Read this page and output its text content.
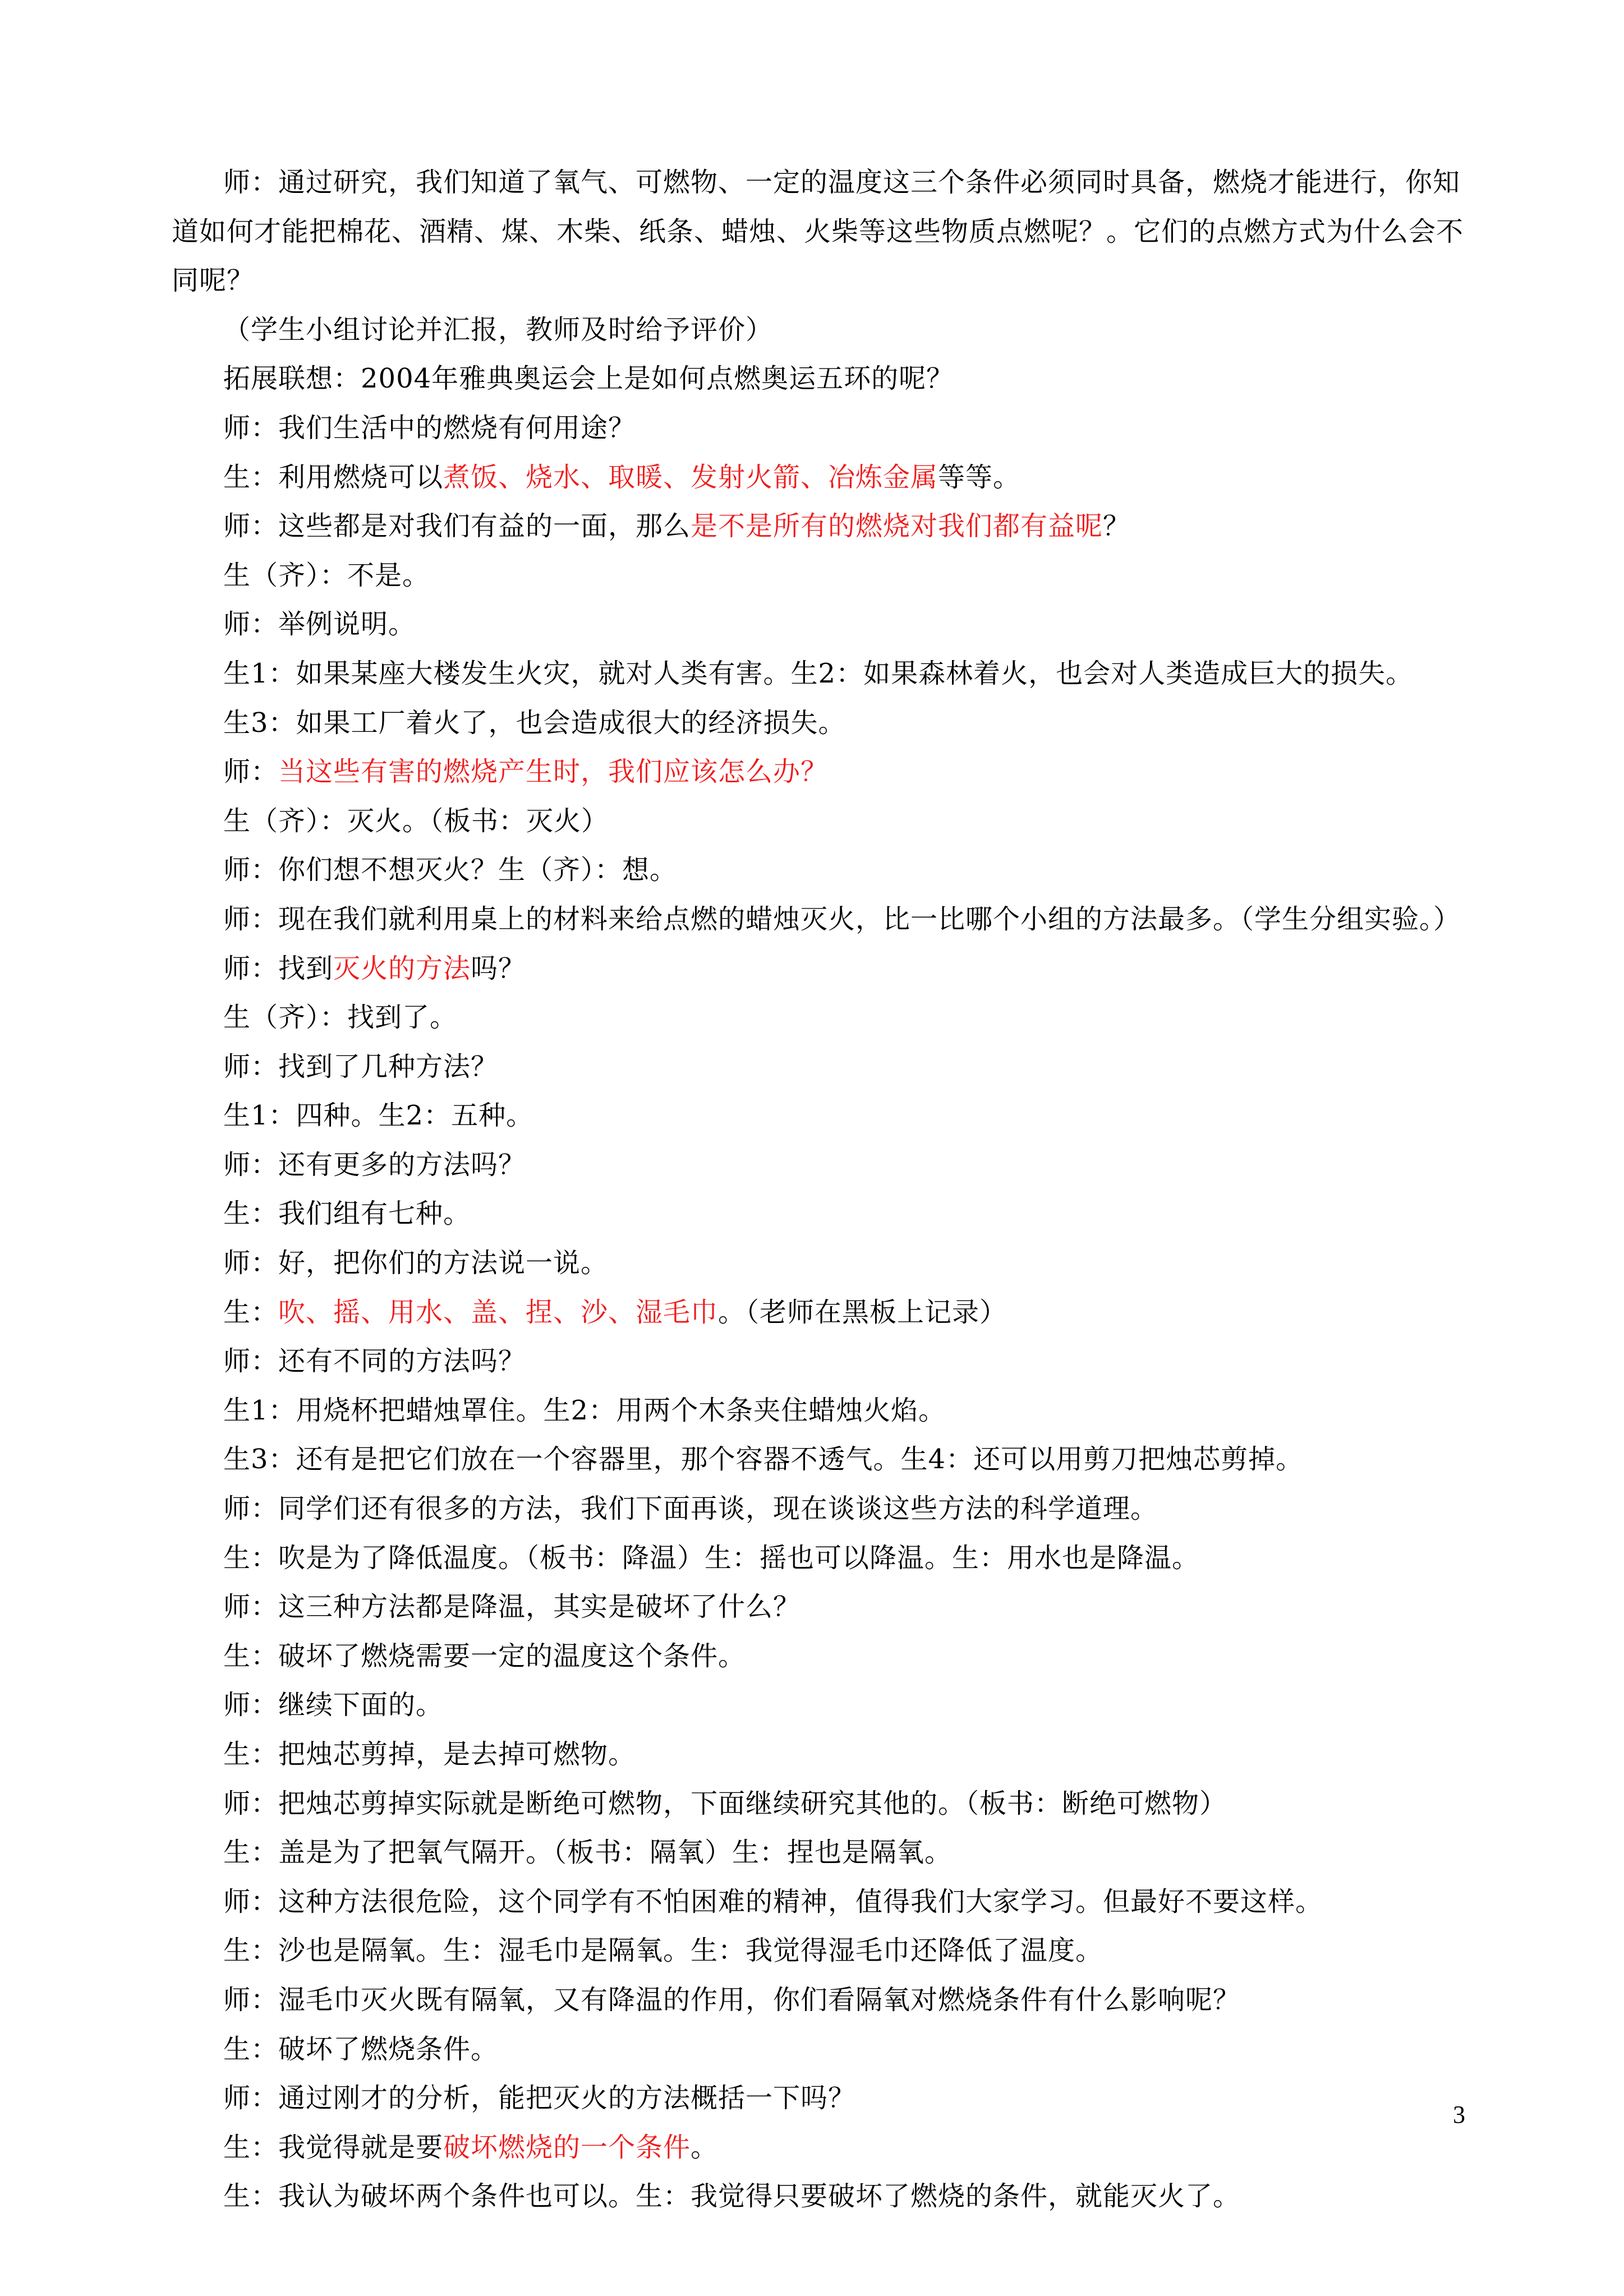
师：通过研究，我们知道了氧气、可燃物、一定的温度这三个条件必须同时具备，燃烧才能进行，你知道如何才能把棉花、酒精、煤、木柴、纸条、蜡烛、火柴等这些物质点燃呢？。它们的点燃方式为什么会不同呢？

（学生小组讨论并汇报，教师及时给予评价）

拓展联想：2004年雅典奥运会上是如何点燃奥运五环的呢？

师：我们生活中的燃烧有何用途？

生：利用燃烧可以煮饭、烧水、取暖、发射火箭、冶炼金属等等。

师：这些都是对我们有益的一面，那么是不是所有的燃烧对我们都有益呢？

生（齐）：不是。

师：举例说明。

生1：如果某座大楼发生火灾，就对人类有害。生2：如果森林着火，也会对人类造成巨大的损失。

生3：如果工厂着火了，也会造成很大的经济损失。

师：当这些有害的燃烧产生时，我们应该怎么办？

生（齐）：灭火。（板书：灭火）

师：你们想不想灭火？生（齐）：想。

师：现在我们就利用桌上的材料来给点燃的蜡烛灭火，比一比哪个小组的方法最多。（学生分组实验。）

师：找到灭火的方法吗？

生（齐）：找到了。

师：找到了几种方法？

生1：四种。生2：五种。

师：还有更多的方法吗？

生：我们组有七种。

师：好，把你们的方法说一说。

生：吹、摇、用水、盖、捏、沙、湿毛巾。（老师在黑板上记录）

师：还有不同的方法吗？

生1：用烧杯把蜡烛罩住。生2：用两个木条夹住蜡烛火焰。

生3：还有是把它们放在一个容器里，那个容器不透气。生4：还可以用剪刀把烛芯剪掉。

师：同学们还有很多的方法，我们下面再谈，现在谈谈这些方法的科学道理。

生：吹是为了降低温度。（板书：降温）生：摇也可以降温。生：用水也是降温。

师：这三种方法都是降温，其实是破坏了什么？

生：破坏了燃烧需要一定的温度这个条件。

师：继续下面的。

生：把烛芯剪掉，是去掉可燃物。

师：把烛芯剪掉实际就是断绝可燃物，下面继续研究其他的。（板书：断绝可燃物）

生：盖是为了把氧气隔开。（板书：隔氧）生：捏也是隔氧。

师：这种方法很危险，这个同学有不怕困难的精神，值得我们大家学习。但最好不要这样。

生：沙也是隔氧。生：湿毛巾是隔氧。生：我觉得湿毛巾还降低了温度。

师：湿毛巾灭火既有隔氧，又有降温的作用，你们看隔氧对燃烧条件有什么影响呢？

生：破坏了燃烧条件。

师：通过刚才的分析，能把灭火的方法概括一下吗？

生：我觉得就是要破坏燃烧的一个条件。

生：我认为破坏两个条件也可以。生：我觉得只要破坏了燃烧的条件，就能灭火了。

3
